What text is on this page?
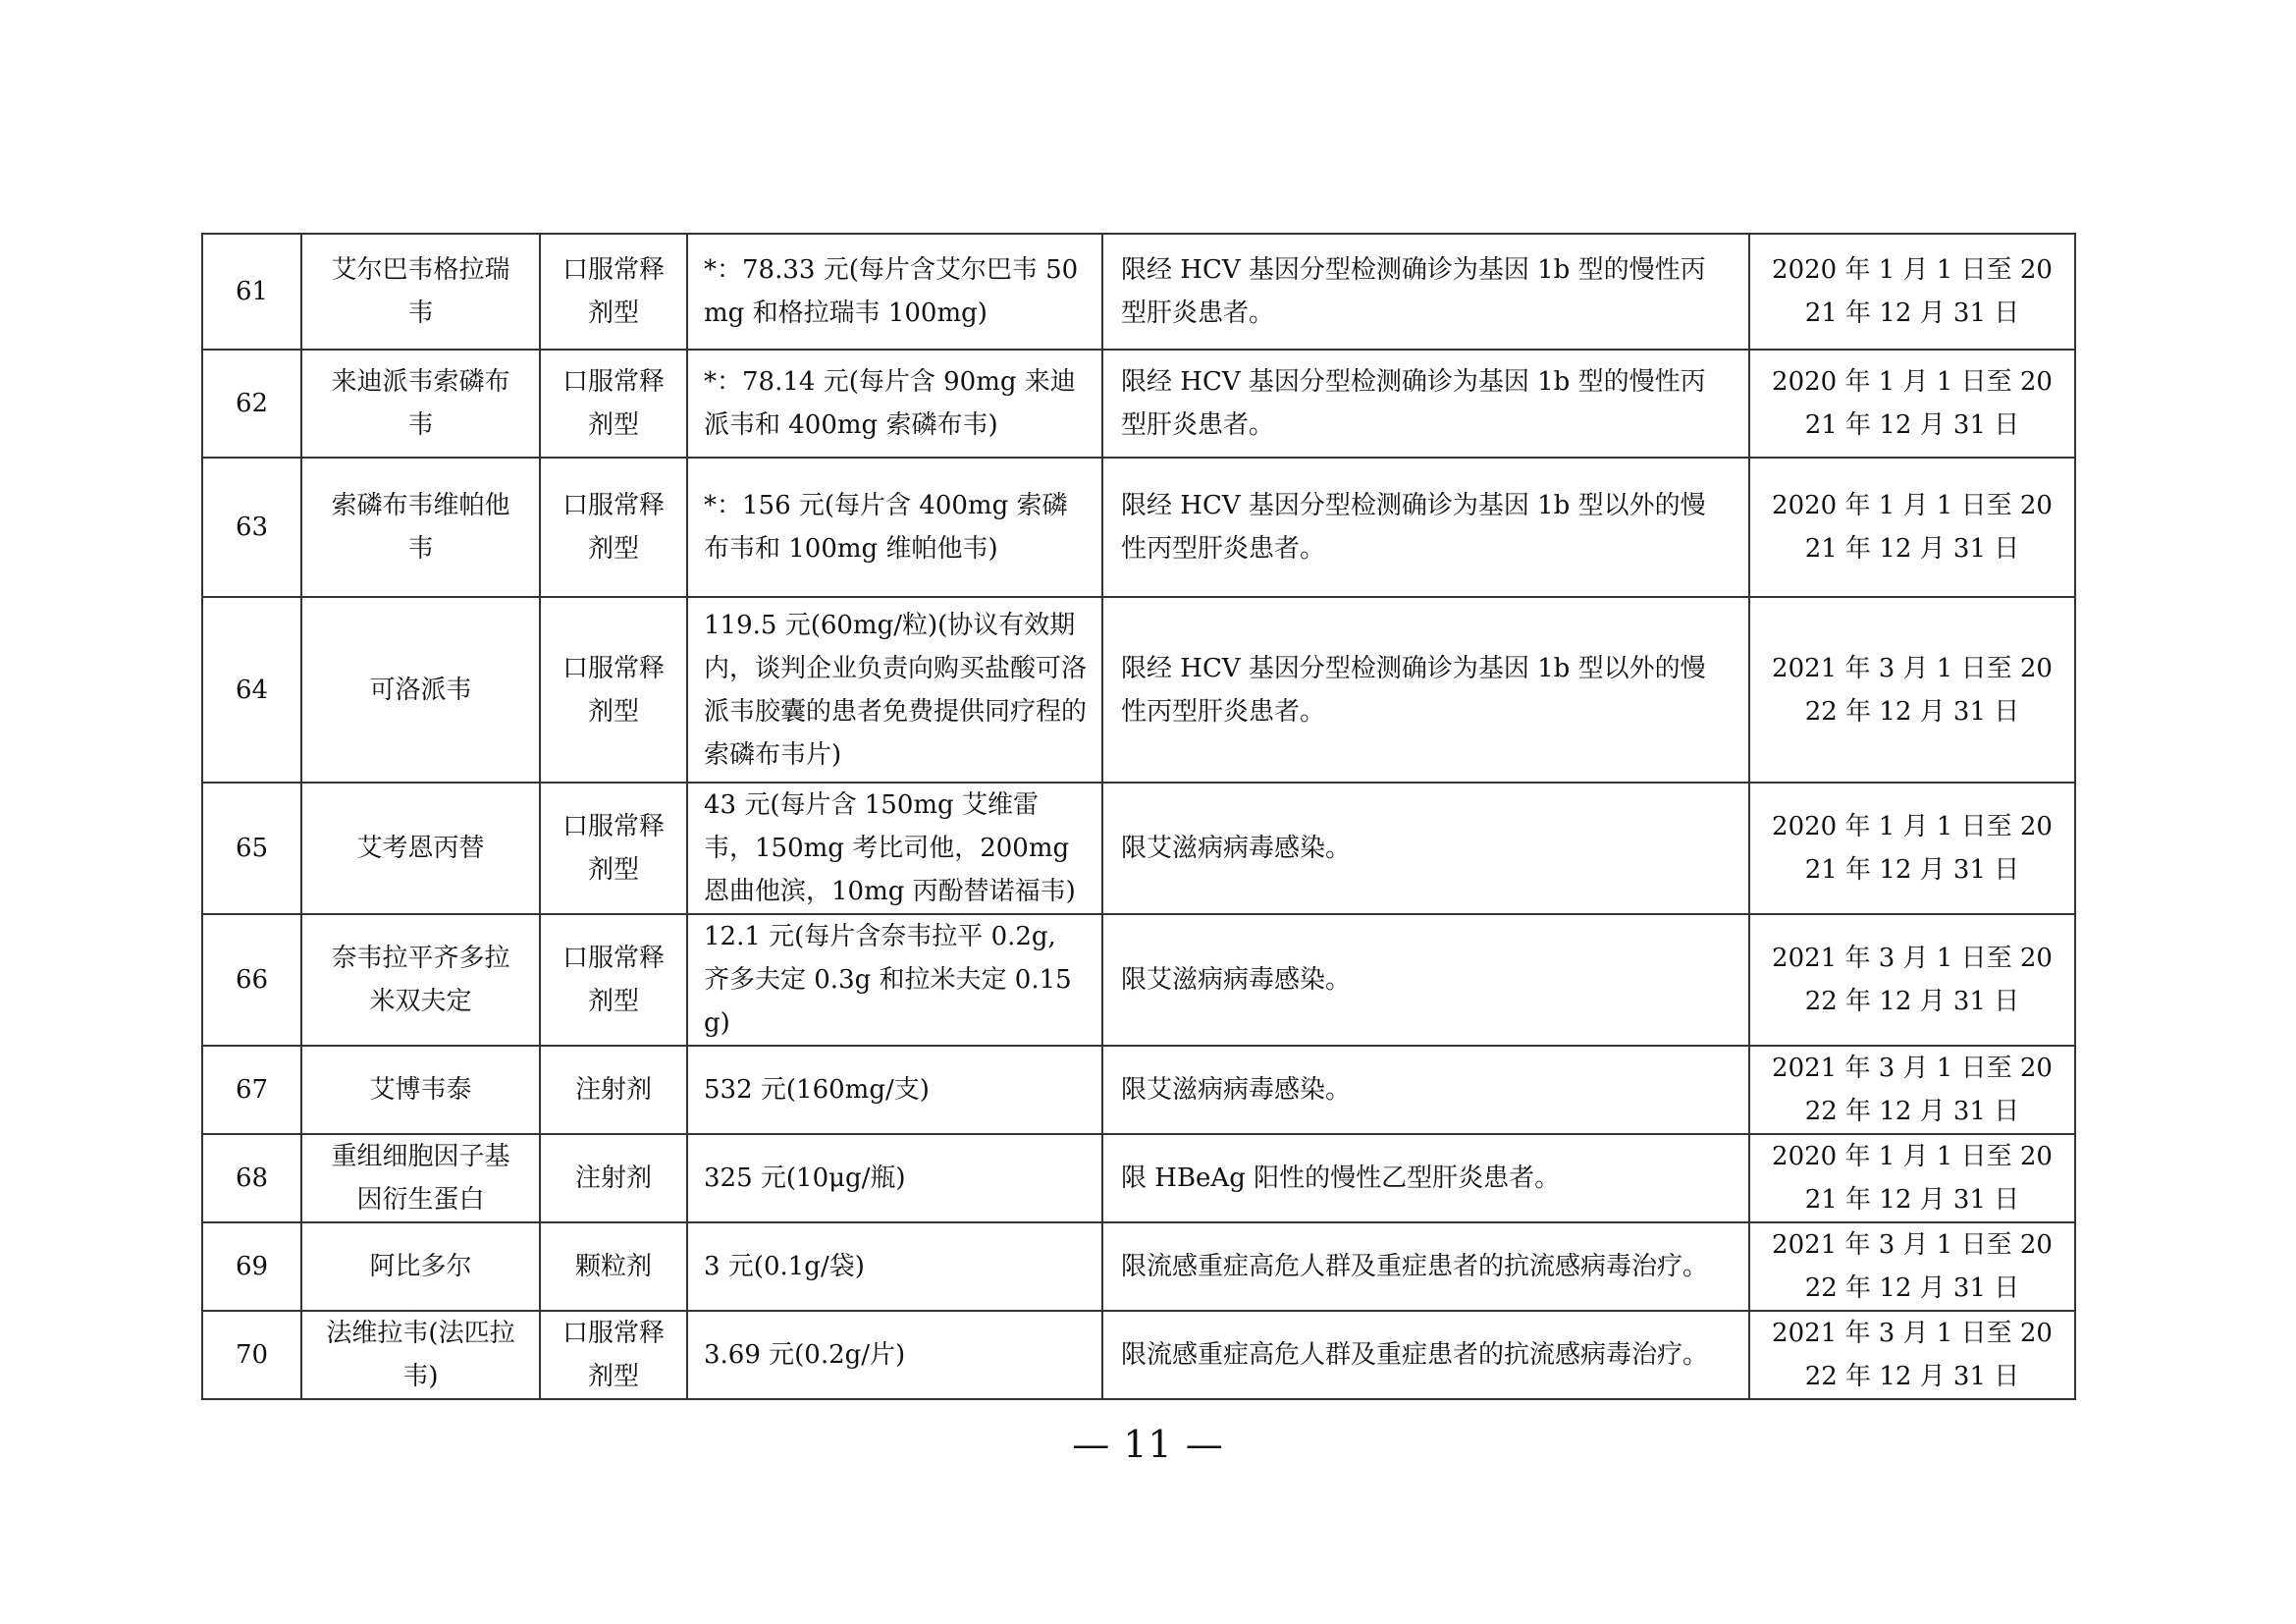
61	艾尔巴韦格拉瑞韦	口服常释剂型	*：78.33 元(每片含艾尔巴韦 50mg 和格拉瑞韦 100mg)	限经 HCV 基因分型检测确诊为基因 1b 型的慢性丙型肝炎患者。	2020 年 1 月 1 日至 2021 年 12 月 31 日
62	来迪派韦索磷布韦	口服常释剂型	*：78.14 元(每片含 90mg 来迪派韦和 400mg 索磷布韦)	限经 HCV 基因分型检测确诊为基因 1b 型的慢性丙型肝炎患者。	2020 年 1 月 1 日至 2021 年 12 月 31 日
63	索磷布韦维帕他韦	口服常释剂型	*：156 元(每片含 400mg 索磷布韦和 100mg 维帕他韦)	限经 HCV 基因分型检测确诊为基因 1b 型以外的慢性丙型肝炎患者。	2020 年 1 月 1 日至 2021 年 12 月 31 日
64	可洛派韦	口服常释剂型	119.5 元(60mg/粒)(协议有效期内，谈判企业负责向购买盐酸可洛派韦胶囊的患者免费提供同疗程的索磷布韦片)	限经 HCV 基因分型检测确诊为基因 1b 型以外的慢性丙型肝炎患者。	2021 年 3 月 1 日至 2022 年 12 月 31 日
65	艾考恩丙替	口服常释剂型	43 元(每片含 150mg 艾维雷韦，150mg 考比司他，200mg 恩曲他滨，10mg 丙酚替诺福韦)	限艾滋病病毒感染。	2020 年 1 月 1 日至 2021 年 12 月 31 日
66	奈韦拉平齐多拉米双夫定	口服常释剂型	12.1 元(每片含奈韦拉平 0.2g, 齐多夫定 0.3g 和拉米夫定 0.15g)	限艾滋病病毒感染。	2021 年 3 月 1 日至 2022 年 12 月 31 日
67	艾博韦泰	注射剂	532 元(160mg/支)	限艾滋病病毒感染。	2021 年 3 月 1 日至 2022 年 12 月 31 日
68	重组细胞因子基因衍生蛋白	注射剂	325 元(10μg/瓶)	限 HBeAg 阳性的慢性乙型肝炎患者。	2020 年 1 月 1 日至 2021 年 12 月 31 日
69	阿比多尔	颗粒剂	3 元(0.1g/袋)	限流感重症高危人群及重症患者的抗流感病毒治疗。	2021 年 3 月 1 日至 2022 年 12 月 31 日
70	法维拉韦(法匹拉韦)	口服常释剂型	3.69 元(0.2g/片)	限流感重症高危人群及重症患者的抗流感病毒治疗。	2021 年 3 月 1 日至 2022 年 12 月 31 日
— 11 —
